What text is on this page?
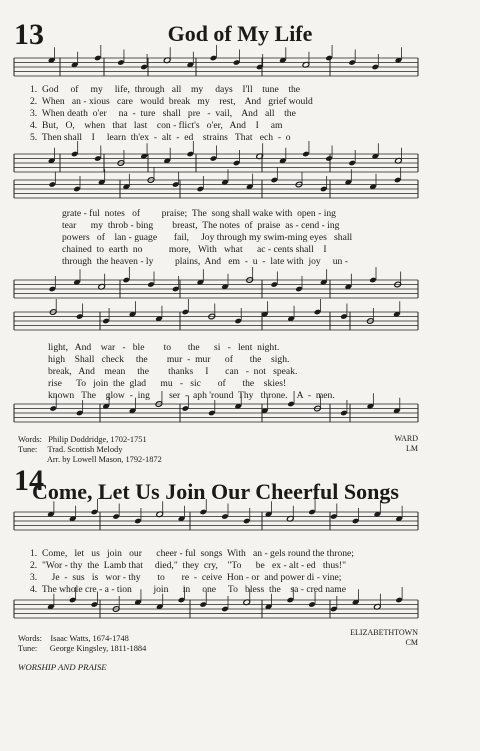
13	God of My Life
1.  God     of     my     life,  through   all    my     days    I'll    tune    the
2.  When   an - xious   care   would  break   my    rest,    And   grief would
3.  When death  o'er     na  -  ture   shall   pre   -  vail,    And   all    the
4.  But,   O,    when   that   last    con - flict's   o'er,   And    I     am
5.  Then shall    I     learn  th'ex  -  alt  -  ed    strains   That   ech  -  o
grate - ful  notes   of         praise;  The  song shall wake with  open - ing
tear      my  throb - bing        breast,  The notes  of  praise  as - cend - ing
powers   of    lan - guage       fail,     Joy through my swim-ming eyes   shall
chained  to  earth  no           more,   With   what      ac - cents shall    I
through  the heaven - ly         plains,  And   em  -  u  -  late with  joy     un -
light,   And    war   -   ble        to       the      si   -   lent  night.
high    Shall   check     the        mur  -  mur      of       the    sigh.
break,   And    mean     the        thanks     I       can   -  not   speak.
rise      To   join  the  glad      mu   -   sic       of       the    skies!
known   The    glow  -  ing        ser  -  aph 'round  Thy   throne.    A  -  men.
Words:   Philip Doddridge, 1702-1751
Tune:     Trad. Scottish Melody
Arr. by Lowell Mason, 1792-1872
WARD
LM
14
Come, Let Us Join Our Cheerful Songs
1.  Come,   let   us   join   our      cheer - ful  songs  With   an - gels round the throne;
2.  "Wor - thy  the  Lamb that     died,"  they  cry,    "To      be   ex - alt - ed   thus!"
3.      Je  -  sus   is   wor - thy       to       re  -  ceive  Hon - or  and power di - vine;
4.  The whole cre - a - tion         join      in     one     To   bless  the    sa - cred name
Words:    Isaac Watts, 1674-1748
Tune:      George Kingsley, 1811-1884
ELIZABETHTOWN
CM
WORSHIP AND PRAISE
